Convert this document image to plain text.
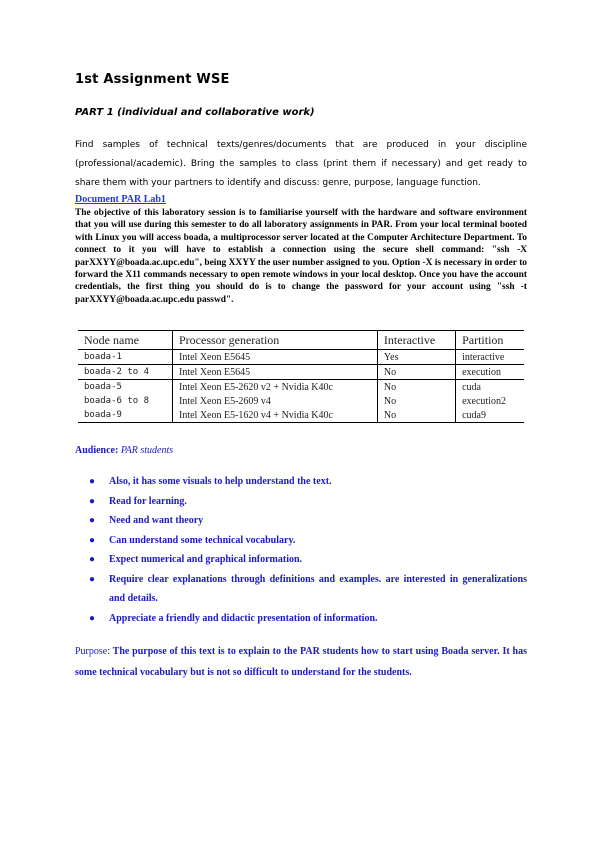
1st Assignment WSE
PART 1 (individual and collaborative work)
Find samples of technical texts/genres/documents that are produced in your discipline (professional/academic). Bring the samples to class (print them if necessary) and get ready to share them with your partners to identify and discuss: genre, purpose, language function.
Document PAR Lab1

The objective of this laboratory session is to familiarise yourself with the hardware and software environment that you will use during this semester to do all laboratory assignments in PAR. From your local terminal booted with Linux you will access boada, a multiprocessor server located at the Computer Architecture Department. To connect to it you will have to establish a connection using the secure shell command: "ssh -X parXXYY@boada.ac.upc.edu", being XXYY the user number assigned to you. Option -X is necessary in order to forward the X11 commands necessary to open remote windows in your local desktop. Once you have the account credentials, the first thing you should do is to change the password for your account using "ssh -t parXXYY@boada.ac.upc.edu passwd".

Node name	Processor generation	Interactive	Partition
boada-1	Intel Xeon E5645	Yes	interactive
boada-2 to 4	Intel Xeon E5645	No	execution
boada-5	Intel Xeon E5-2620 v2 + Nvidia K40c	No	cuda
boada-6 to 8	Intel Xeon E5-2609 v4	No	execution2
boada-9	Intel Xeon E5-1620 v4 + Nvidia K40c	No	cuda9
Audience: PAR students
● Also, it has some visuals to help understand the text.
● Read for learning.
● Need and want theory
● Can understand some technical vocabulary.
● Expect numerical and graphical information.
● Require clear explanations through definitions and examples. are interested in generalizations and details.
● Appreciate a friendly and didactic presentation of information.
Purpose: The purpose of this text is to explain to the PAR students how to start using Boada server. It has some technical vocabulary but is not so difficult to understand for the students.
